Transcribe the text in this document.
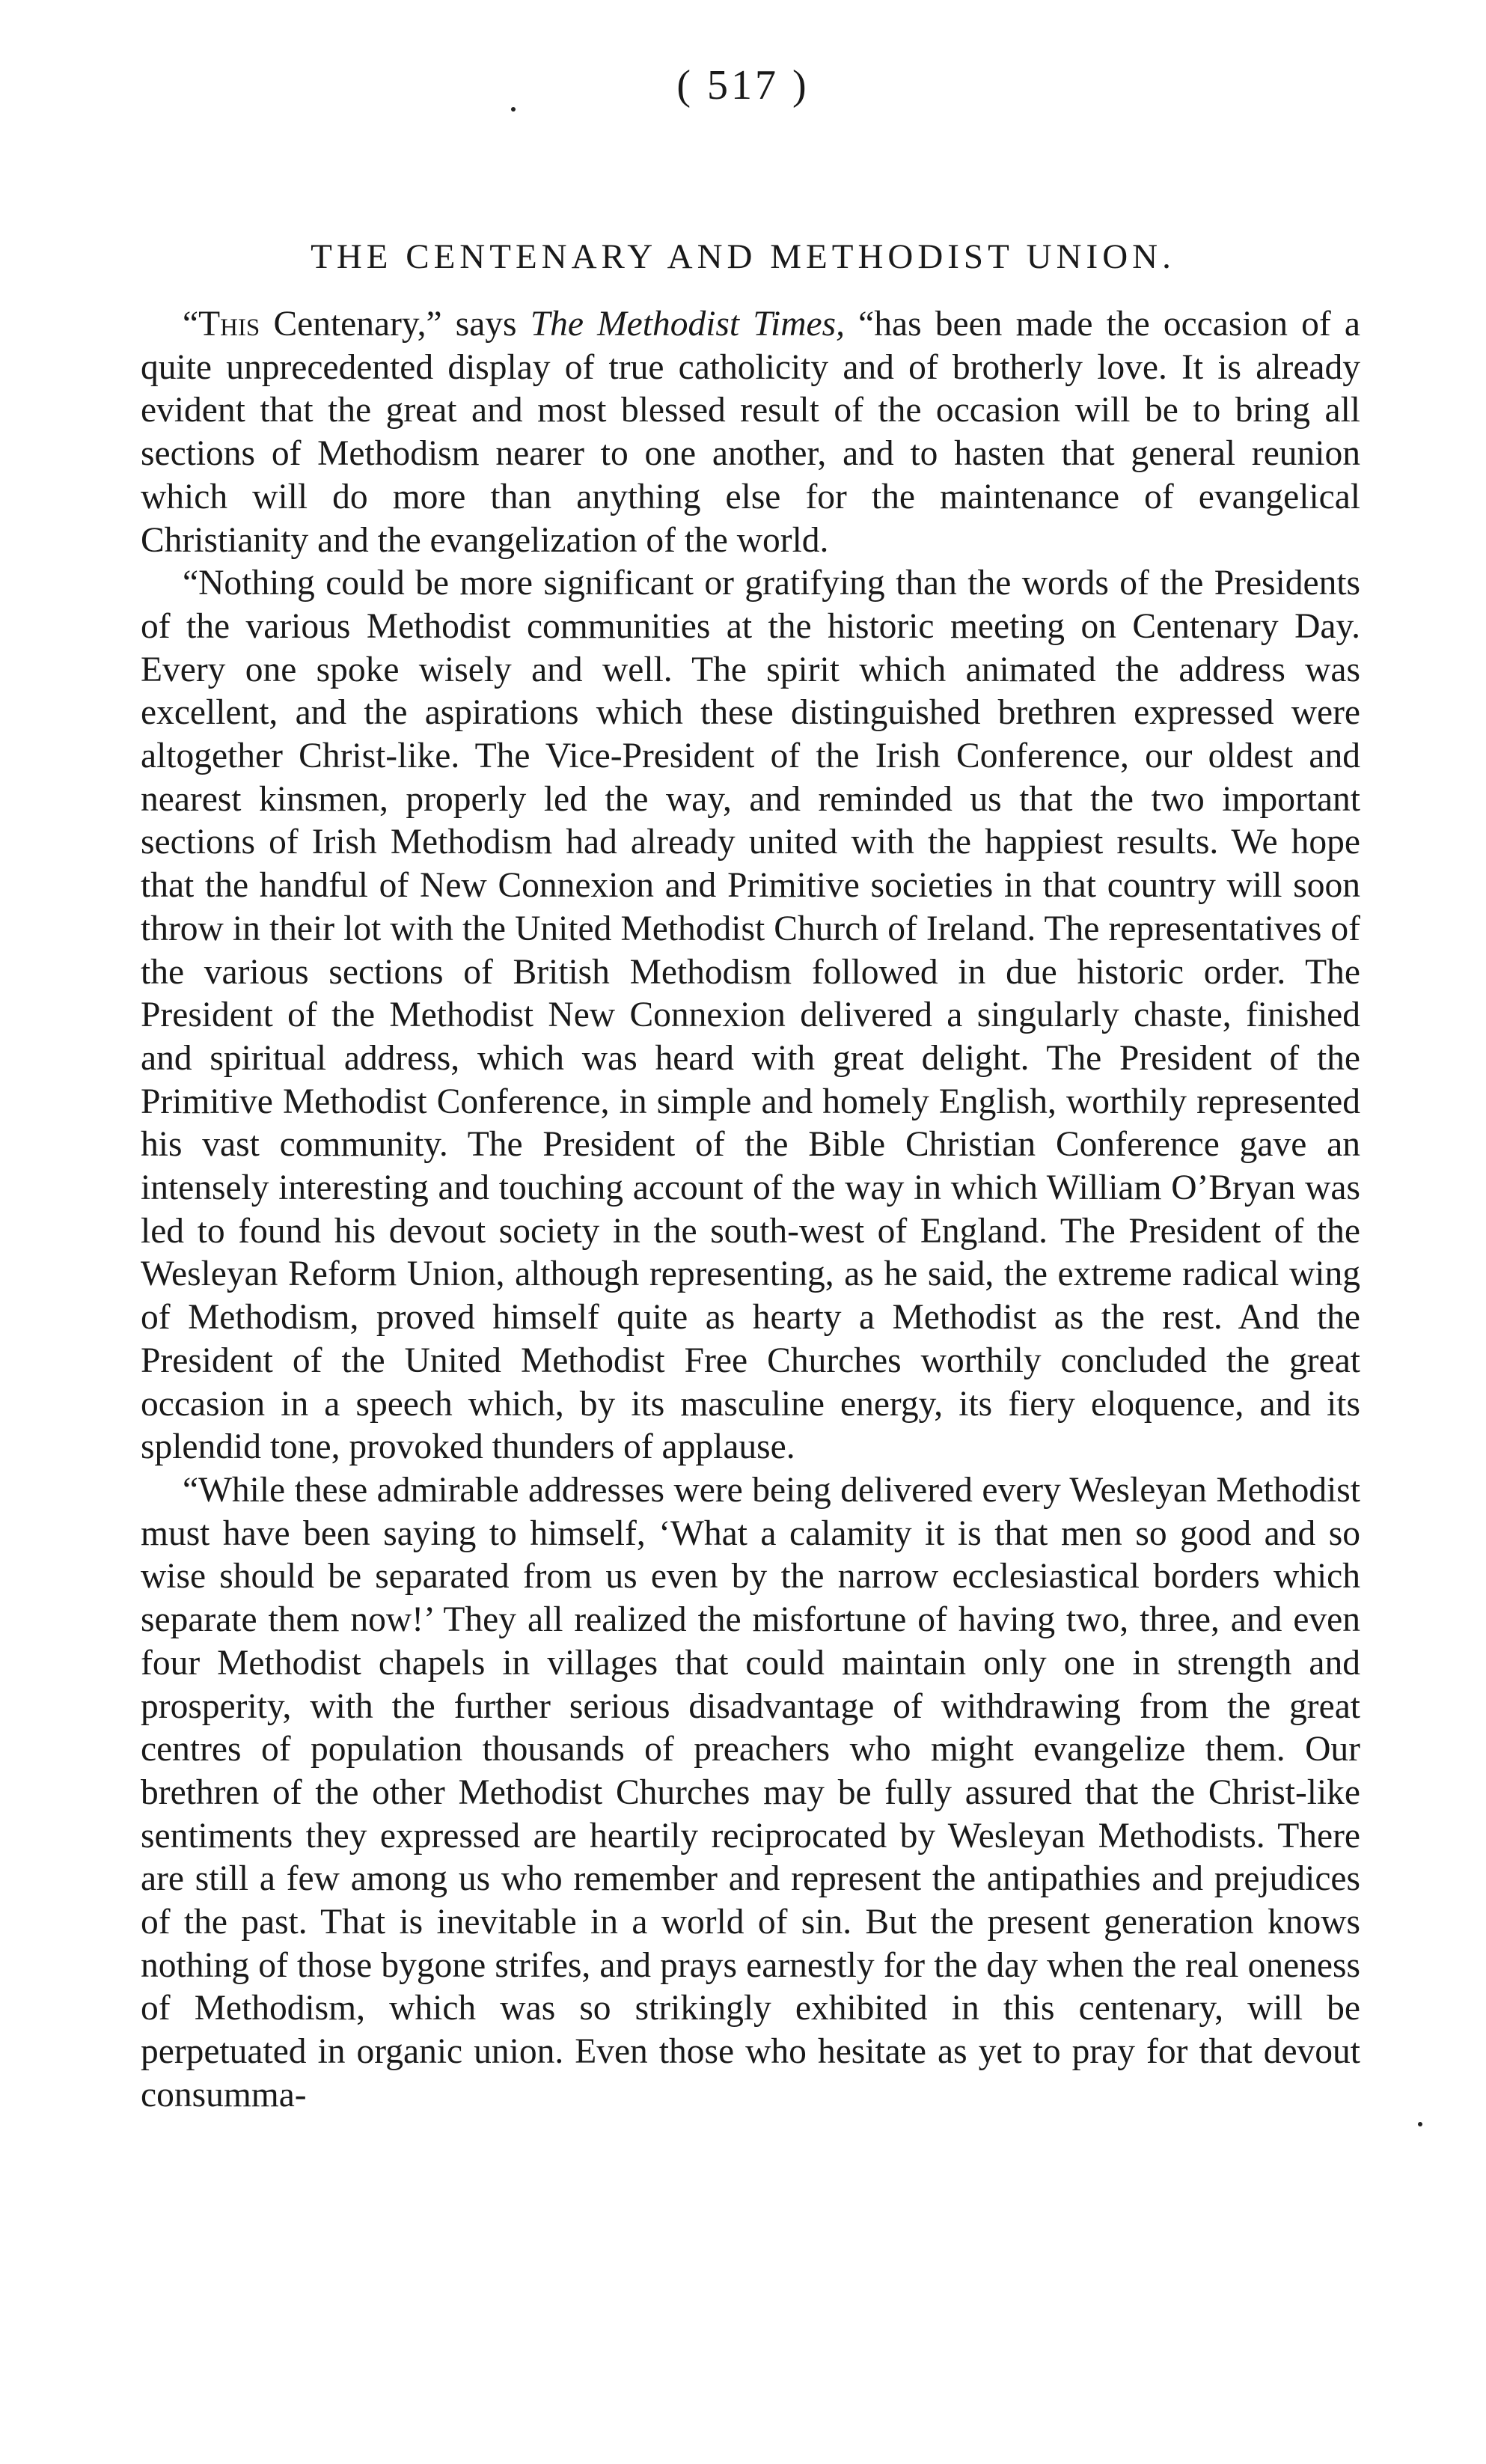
( 517 )
THE CENTENARY AND METHODIST UNION.

“This Centenary,” says The Methodist Times, “has been made the occasion of a quite unprecedented display of true catholicity and of brotherly love. It is already evident that the great and most blessed result of the occasion will be to bring all sections of Methodism nearer to one another, and to hasten that general reunion which will do more than anything else for the maintenance of evangelical Christianity and the evangelization of the world.

“Nothing could be more significant or gratifying than the words of the Presidents of the various Methodist communities at the historic meeting on Centenary Day. Every one spoke wisely and well. The spirit which animated the address was excellent, and the aspirations which these distinguished brethren expressed were altogether Christ-like. The Vice-President of the Irish Conference, our oldest and nearest kinsmen, properly led the way, and reminded us that the two important sections of Irish Methodism had already united with the happiest results. We hope that the handful of New Connexion and Primitive societies in that country will soon throw in their lot with the United Methodist Church of Ireland. The representatives of the various sections of British Methodism followed in due historic order. The President of the Methodist New Connexion delivered a singularly chaste, finished and spiritual address, which was heard with great delight. The President of the Primitive Methodist Conference, in simple and homely English, worthily represented his vast community. The President of the Bible Christian Conference gave an intensely interesting and touching account of the way in which William O’Bryan was led to found his devout society in the south-west of England. The President of the Wesleyan Reform Union, although representing, as he said, the extreme radical wing of Methodism, proved himself quite as hearty a Methodist as the rest. And the President of the United Methodist Free Churches worthily concluded the great occasion in a speech which, by its masculine energy, its fiery eloquence, and its splendid tone, provoked thunders of applause.

“While these admirable addresses were being delivered every Wesleyan Methodist must have been saying to himself, ‘What a calamity it is that men so good and so wise should be separated from us even by the narrow ecclesiastical borders which separate them now!’ They all realized the misfortune of having two, three, and even four Methodist chapels in villages that could maintain only one in strength and prosperity, with the further serious disadvantage of withdrawing from the great centres of population thousands of preachers who might evangelize them. Our brethren of the other Methodist Churches may be fully assured that the Christ-like sentiments they expressed are heartily reciprocated by Wesleyan Methodists. There are still a few among us who remember and represent the antipathies and prejudices of the past. That is inevitable in a world of sin. But the present generation knows nothing of those bygone strifes, and prays earnestly for the day when the real oneness of Methodism, which was so strikingly exhibited in this centenary, will be perpetuated in organic union. Even those who hesitate as yet to pray for that devout consumma-
